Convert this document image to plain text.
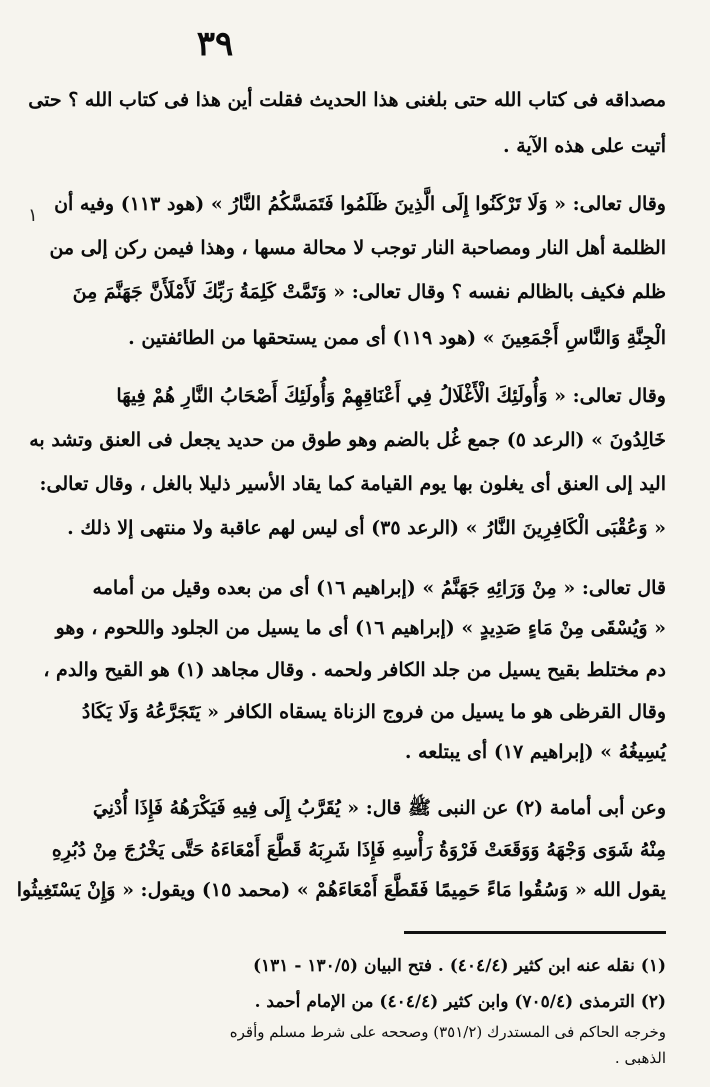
٣٩
١
مصداقه فى كتاب الله حتى بلغنى هذا الحديث فقلت أين هذا فى كتاب الله ؟ حتى
أتيت على هذه الآية .
وقال تعالى: « وَلَا تَرْكَنُوا إِلَى الَّذِينَ ظَلَمُوا فَتَمَسَّكُمُ النَّارُ » (هود ١١٣) وفيه أن
الظلمة أهل النار ومصاحبة النار توجب لا محالة مسها ، وهذا فيمن ركن إلى من
ظلم فكيف بالظالم نفسه ؟ وقال تعالى: « وَتَمَّتْ كَلِمَةُ رَبِّكَ لَأَمْلَأَنَّ جَهَنَّمَ مِنَ
الْجِنَّةِ وَالنَّاسِ أَجْمَعِينَ » (هود ١١٩) أى ممن يستحقها من الطائفتين .
وقال تعالى: « وَأُولَئِكَ الْأَغْلَالُ فِي أَعْنَاقِهِمْ وَأُولَئِكَ أَصْحَابُ النَّارِ هُمْ فِيهَا
خَالِدُونَ » (الرعد ٥) جمع غُل بالضم وهو طوق من حديد يجعل فى العنق وتشد به
اليد إلى العنق أى يغلون بها يوم القيامة كما يقاد الأسير ذليلا بالغل ، وقال تعالى:
« وَعُقْبَى الْكَافِرِينَ النَّارُ » (الرعد ٣٥) أى ليس لهم عاقبة ولا منتهى إلا ذلك .
قال تعالى: « مِنْ وَرَائِهِ جَهَنَّمُ » (إبراهيم ١٦) أى من بعده وقيل من أمامه
« وَيُسْقَى مِنْ مَاءٍ صَدِيدٍ » (إبراهيم ١٦) أى ما يسيل من الجلود واللحوم ، وهو
دم مختلط بقيح يسيل من جلد الكافر ولحمه . وقال مجاهد (١) هو القيح والدم ،
وقال القرظى هو ما يسيل من فروج الزناة يسقاه الكافر « يَتَجَرَّعُهُ وَلَا يَكَادُ
يُسِيغُهُ » (إبراهيم ١٧) أى يبتلعه .
وعن أبى أمامة (٢) عن النبى ﷺ قال: « يُقَرَّبُ إِلَى فِيهِ فَيَكْرَهُهُ فَإِذَا أُدْنِيَ
مِنْهُ شَوَى وَجْهَهُ وَوَقَعَتْ فَرْوَةُ رَأْسِهِ فَإِذَا شَرِبَهُ قَطَّعَ أَمْعَاءَهُ حَتَّى يَخْرُجَ مِنْ دُبُرِهِ
يقول الله « وَسُقُوا مَاءً حَمِيمًا فَقَطَّعَ أَمْعَاءَهُمْ » (محمد ١٥) ويقول: « وَإِنْ يَسْتَغِيثُوا
(١) نقله عنه ابن كثير (٤٠٤/٤) . فتح البيان (١٣٠/٥ - ١٣١)
(٢) الترمذى (٧٠٥/٤) وابن كثير (٤٠٤/٤) من الإمام أحمد .
وخرجه الحاكم فى المستدرك (٣٥١/٢) وصححه على شرط مسلم وأقره
الذهبى .
